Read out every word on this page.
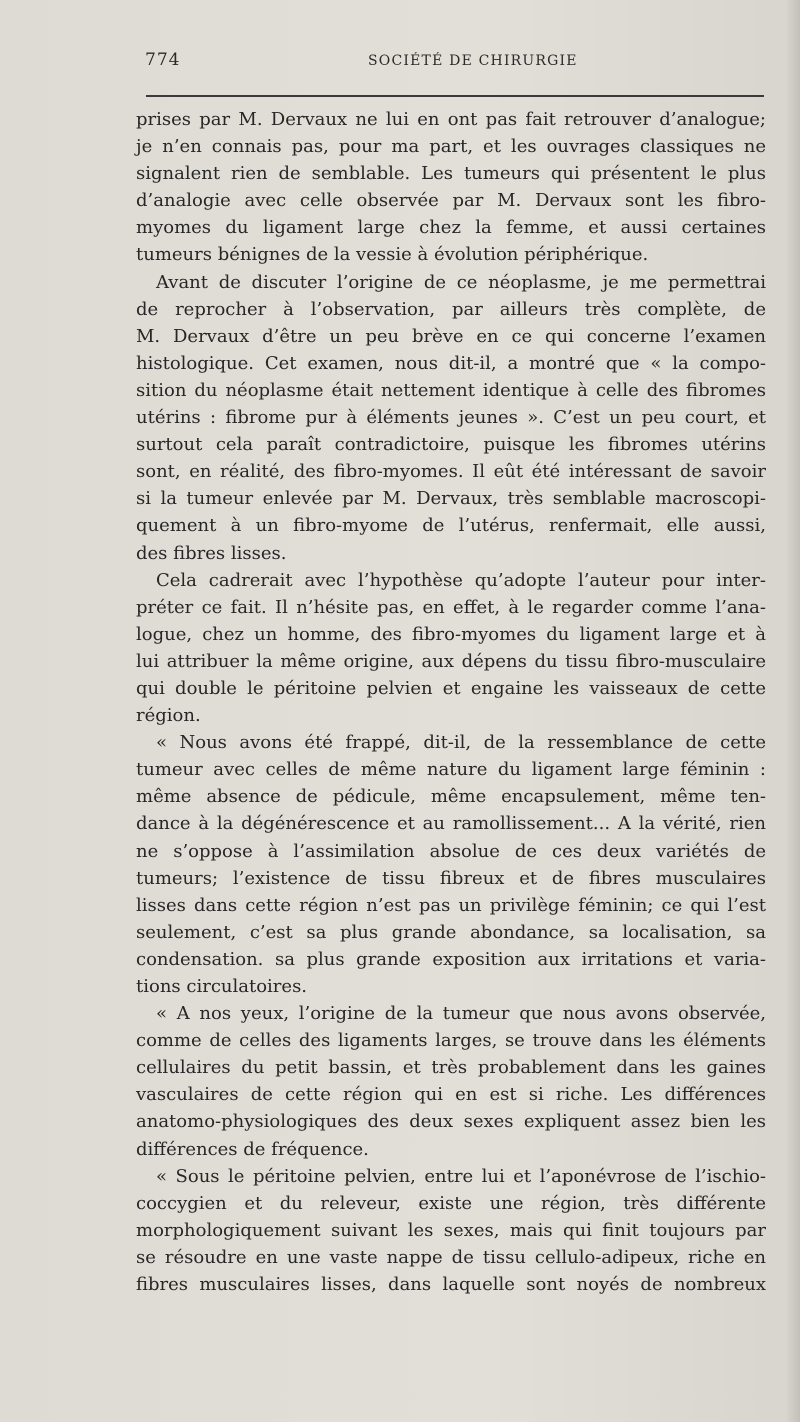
774	SOCIÉTÉ DE CHIRURGIE
prises par M. Dervaux ne lui en ont pas fait retrouver d’analogue;
je n’en connais pas, pour ma part, et les ouvrages classiques ne
signalent rien de semblable. Les tumeurs qui présentent le plus
d’analogie avec celle observée par M. Dervaux sont les fibro-
myomes du ligament large chez la femme, et aussi certaines
tumeurs bénignes de la vessie à évolution périphérique.
Avant de discuter l’origine de ce néoplasme, je me permettrai
de reprocher à l’observation, par ailleurs très complète, de
M. Dervaux d’être un peu brève en ce qui concerne l’examen
histologique. Cet examen, nous dit-il, a montré que « la compo-
sition du néoplasme était nettement identique à celle des fibromes
utérins : fibrome pur à éléments jeunes ». C’est un peu court, et
surtout cela paraît contradictoire, puisque les fibromes utérins
sont, en réalité, des fibro-myomes. Il eût été intéressant de savoir
si la tumeur enlevée par M. Dervaux, très semblable macroscopi-
quement à un fibro-myome de l’utérus, renfermait, elle aussi,
des fibres lisses.
Cela cadrerait avec l’hypothèse qu’adopte l’auteur pour inter-
préter ce fait. Il n’hésite pas, en effet, à le regarder comme l’ana-
logue, chez un homme, des fibro-myomes du ligament large et à
lui attribuer la même origine, aux dépens du tissu fibro-musculaire
qui double le péritoine pelvien et engaine les vaisseaux de cette
région.
« Nous avons été frappé, dit-il, de la ressemblance de cette
tumeur avec celles de même nature du ligament large féminin :
même absence de pédicule, même encapsulement, même ten-
dance à la dégénérescence et au ramollissement... A la vérité, rien
ne s’oppose à l’assimilation absolue de ces deux variétés de
tumeurs; l’existence de tissu fibreux et de fibres musculaires
lisses dans cette région n’est pas un privilège féminin; ce qui l’est
seulement, c’est sa plus grande abondance, sa localisation, sa
condensation. sa plus grande exposition aux irritations et varia-
tions circulatoires.
« A nos yeux, l’origine de la tumeur que nous avons observée,
comme de celles des ligaments larges, se trouve dans les éléments
cellulaires du petit bassin, et très probablement dans les gaines
vasculaires de cette région qui en est si riche. Les différences
anatomo-physiologiques des deux sexes expliquent assez bien les
différences de fréquence.
« Sous le péritoine pelvien, entre lui et l’aponévrose de l’ischio-
coccygien et du releveur, existe une région, très différente
morphologiquement suivant les sexes, mais qui finit toujours par
se résoudre en une vaste nappe de tissu cellulo-adipeux, riche en
fibres musculaires lisses, dans laquelle sont noyés de nombreux
